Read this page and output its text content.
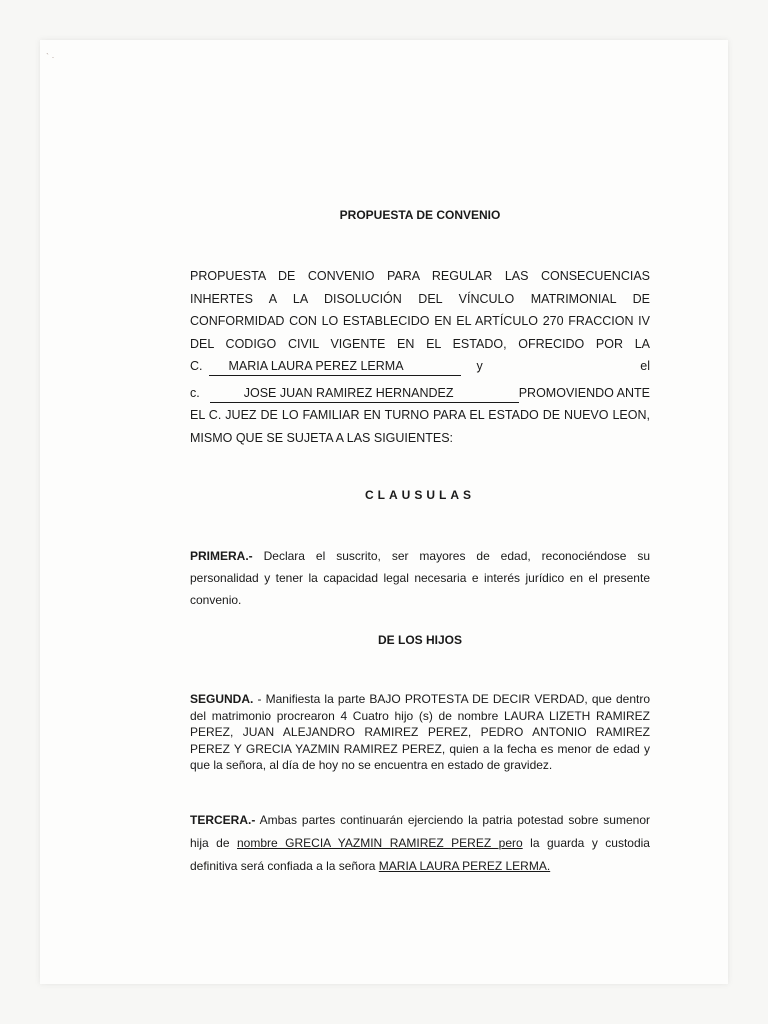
` ·
PROPUESTA DE CONVENIO
PROPUESTA DE CONVENIO PARA REGULAR LAS CONSECUENCIAS
INHERTES A LA DISOLUCIÓN DEL VÍNCULO MATRIMONIAL DE
CONFORMIDAD CON LO ESTABLECIDO EN EL ARTÍCULO 270 FRACCION IV
DEL CODIGO CIVIL VIGENTE EN EL ESTADO, OFRECIDO POR LA
C.	MARIA LAURA PEREZ LERMA	y	el
c.	JOSE JUAN RAMIREZ HERNANDEZ	PROMOVIENDO ANTE
EL C. JUEZ DE LO FAMILIAR EN TURNO PARA EL ESTADO DE NUEVO LEON,
MISMO QUE SE SUJETA A LAS SIGUIENTES:
CLAUSULAS
PRIMERA.- Declara el suscrito, ser mayores de edad, reconociéndose su personalidad y tener la capacidad legal necesaria e interés jurídico en el presente convenio.
DE LOS HIJOS
SEGUNDA. - Manifiesta la parte BAJO PROTESTA DE DECIR VERDAD, que dentro del matrimonio procrearon 4 Cuatro hijo (s) de nombre LAURA LIZETH RAMIREZ PEREZ, JUAN ALEJANDRO RAMIREZ PEREZ, PEDRO ANTONIO RAMIREZ PEREZ Y GRECIA YAZMIN RAMIREZ PEREZ, quien a la fecha es menor de edad y que la señora, al día de hoy no se encuentra en estado de gravidez.
TERCERA.- Ambas partes continuarán ejerciendo la patria potestad sobre sumenor hija de nombre GRECIA YAZMIN RAMIREZ PEREZ pero la guarda y custodia definitiva será confiada a la señora MARIA LAURA PEREZ LERMA.
